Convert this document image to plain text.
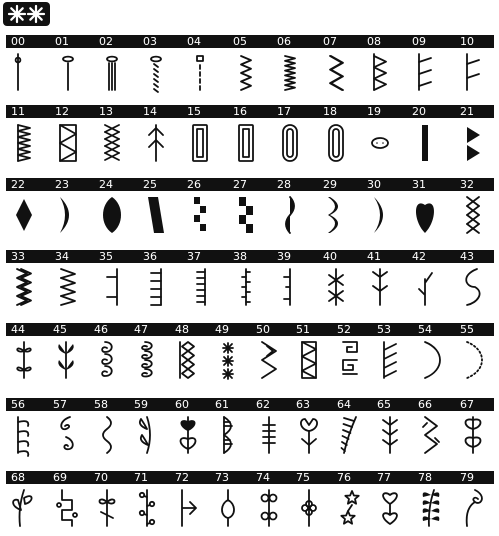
00	01	02	03	04	05	06	07	08	09	10
11	12	13	14	15	16	17	18	19	20	21
22	23	24	25	26	27	28	29	30	31	32
33	34	35	36	37	38	39	40	41	42	43
44	45	46	47	48	49	50	51	52	53	54	55
56	57	58	59	60	61	62	63	64	65	66	67
68	69	70	71	72	73	74	75	76	77	78	79
